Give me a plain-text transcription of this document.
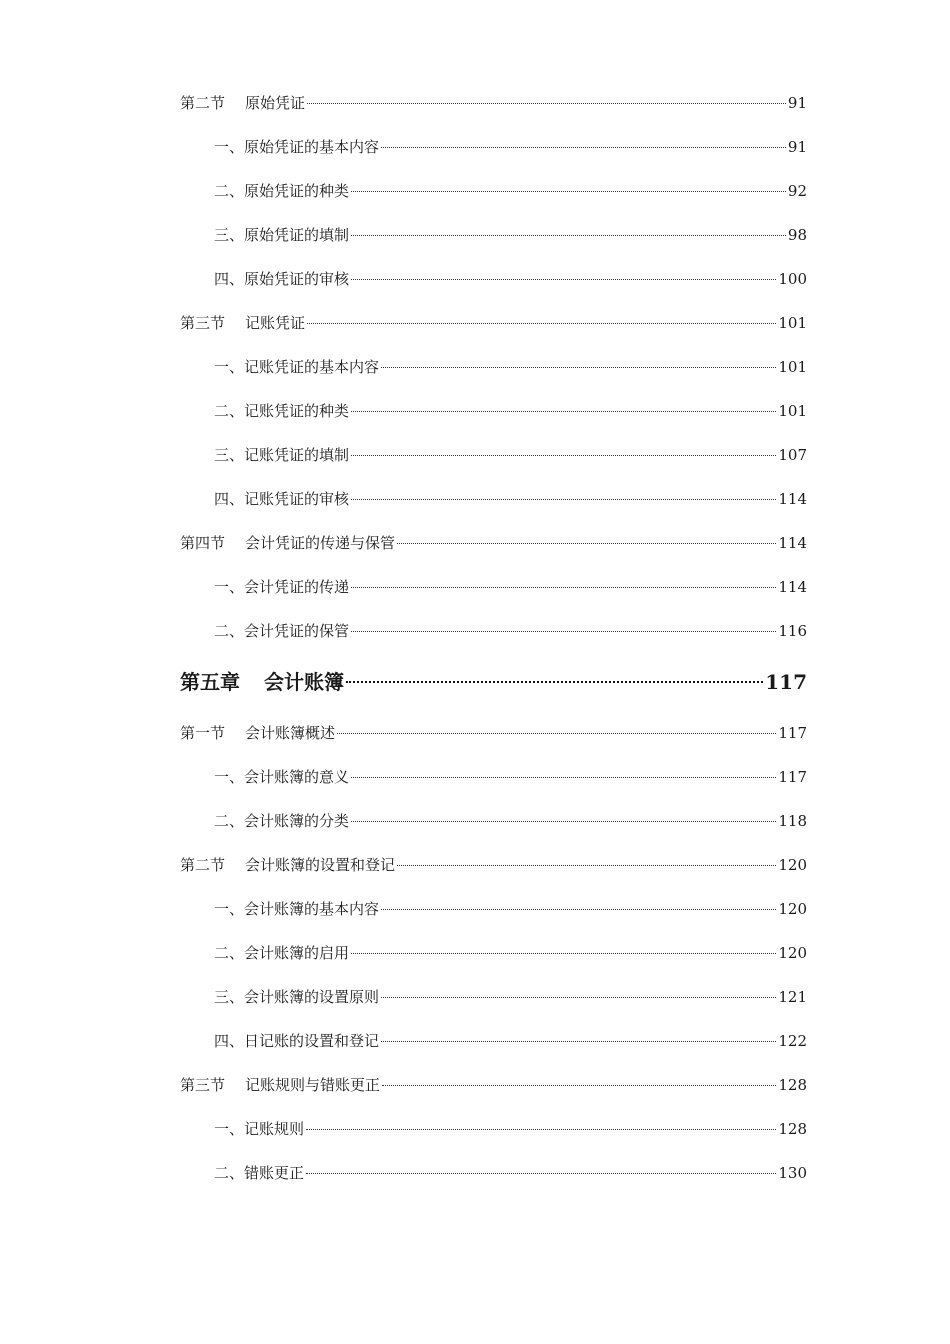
第二节 原始凭证	91
一、 原始凭证的基本内容	91
二、 原始凭证的种类	92
三、 原始凭证的填制	98
四、 原始凭证的审核	100
第三节 记账凭证	101
一、 记账凭证的基本内容	101
二、 记账凭证的种类	101
三、 记账凭证的填制	107
四、 记账凭证的审核	114
第四节 会计凭证的传递与保管	114
一、 会计凭证的传递	114
二、 会计凭证的保管	116
第五章 会计账簿	117
第一节 会计账簿概述	117
一、 会计账簿的意义	117
二、 会计账簿的分类	118
第二节 会计账簿的设置和登记	120
一、 会计账簿的基本内容	120
二、 会计账簿的启用	120
三、 会计账簿的设置原则	121
四、 日记账的设置和登记	122
第三节 记账规则与错账更正	128
一、 记账规则	128
二、 错账更正	130
